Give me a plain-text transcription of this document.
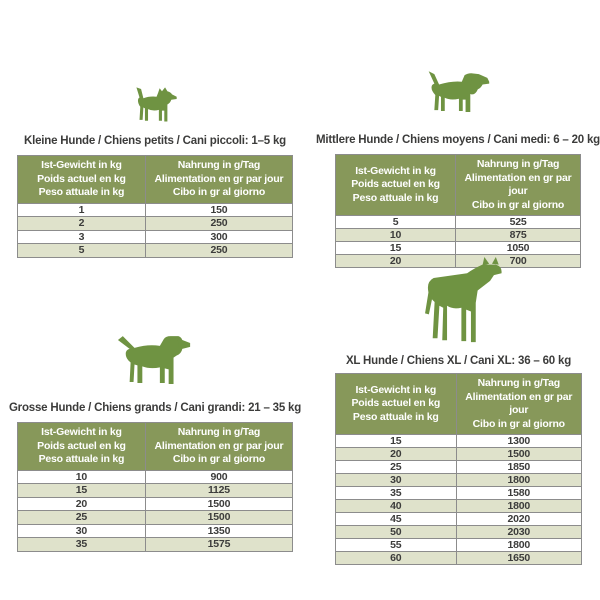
Kleine Hunde / Chiens petits / Cani piccoli: 1–5 kg
Ist-Gewicht in kg
Poids actuel en kg
Peso attuale in kg

Nahrung in g/Tag
Alimentation en gr par jour
Cibo in gr al giorno

1	150
2	250
3	300
5	250
Mittlere Hunde / Chiens moyens / Cani medi: 6 – 20 kg
Ist-Gewicht in kg
Poids actuel en kg
Peso attuale in kg

Nahrung in g/Tag
Alimentation en gr par jour
Cibo in gr al giorno

5	525
10	875
15	1050
20	700
Grosse Hunde / Chiens grands / Cani grandi: 21 – 35 kg
Ist-Gewicht in kg
Poids actuel en kg
Peso attuale in kg

Nahrung in g/Tag
Alimentation en gr par jour
Cibo in gr al giorno

10	900
15	1125
20	1500
25	1500
30	1350
35	1575
XL Hunde / Chiens XL / Cani XL: 36 – 60 kg
Ist-Gewicht in kg
Poids actuel en kg
Peso attuale in kg

Nahrung in g/Tag
Alimentation en gr par jour
Cibo in gr al giorno

15	1300
20	1500
25	1850
30	1800
35	1580
40	1800
45	2020
50	2030
55	1800
60	1650
